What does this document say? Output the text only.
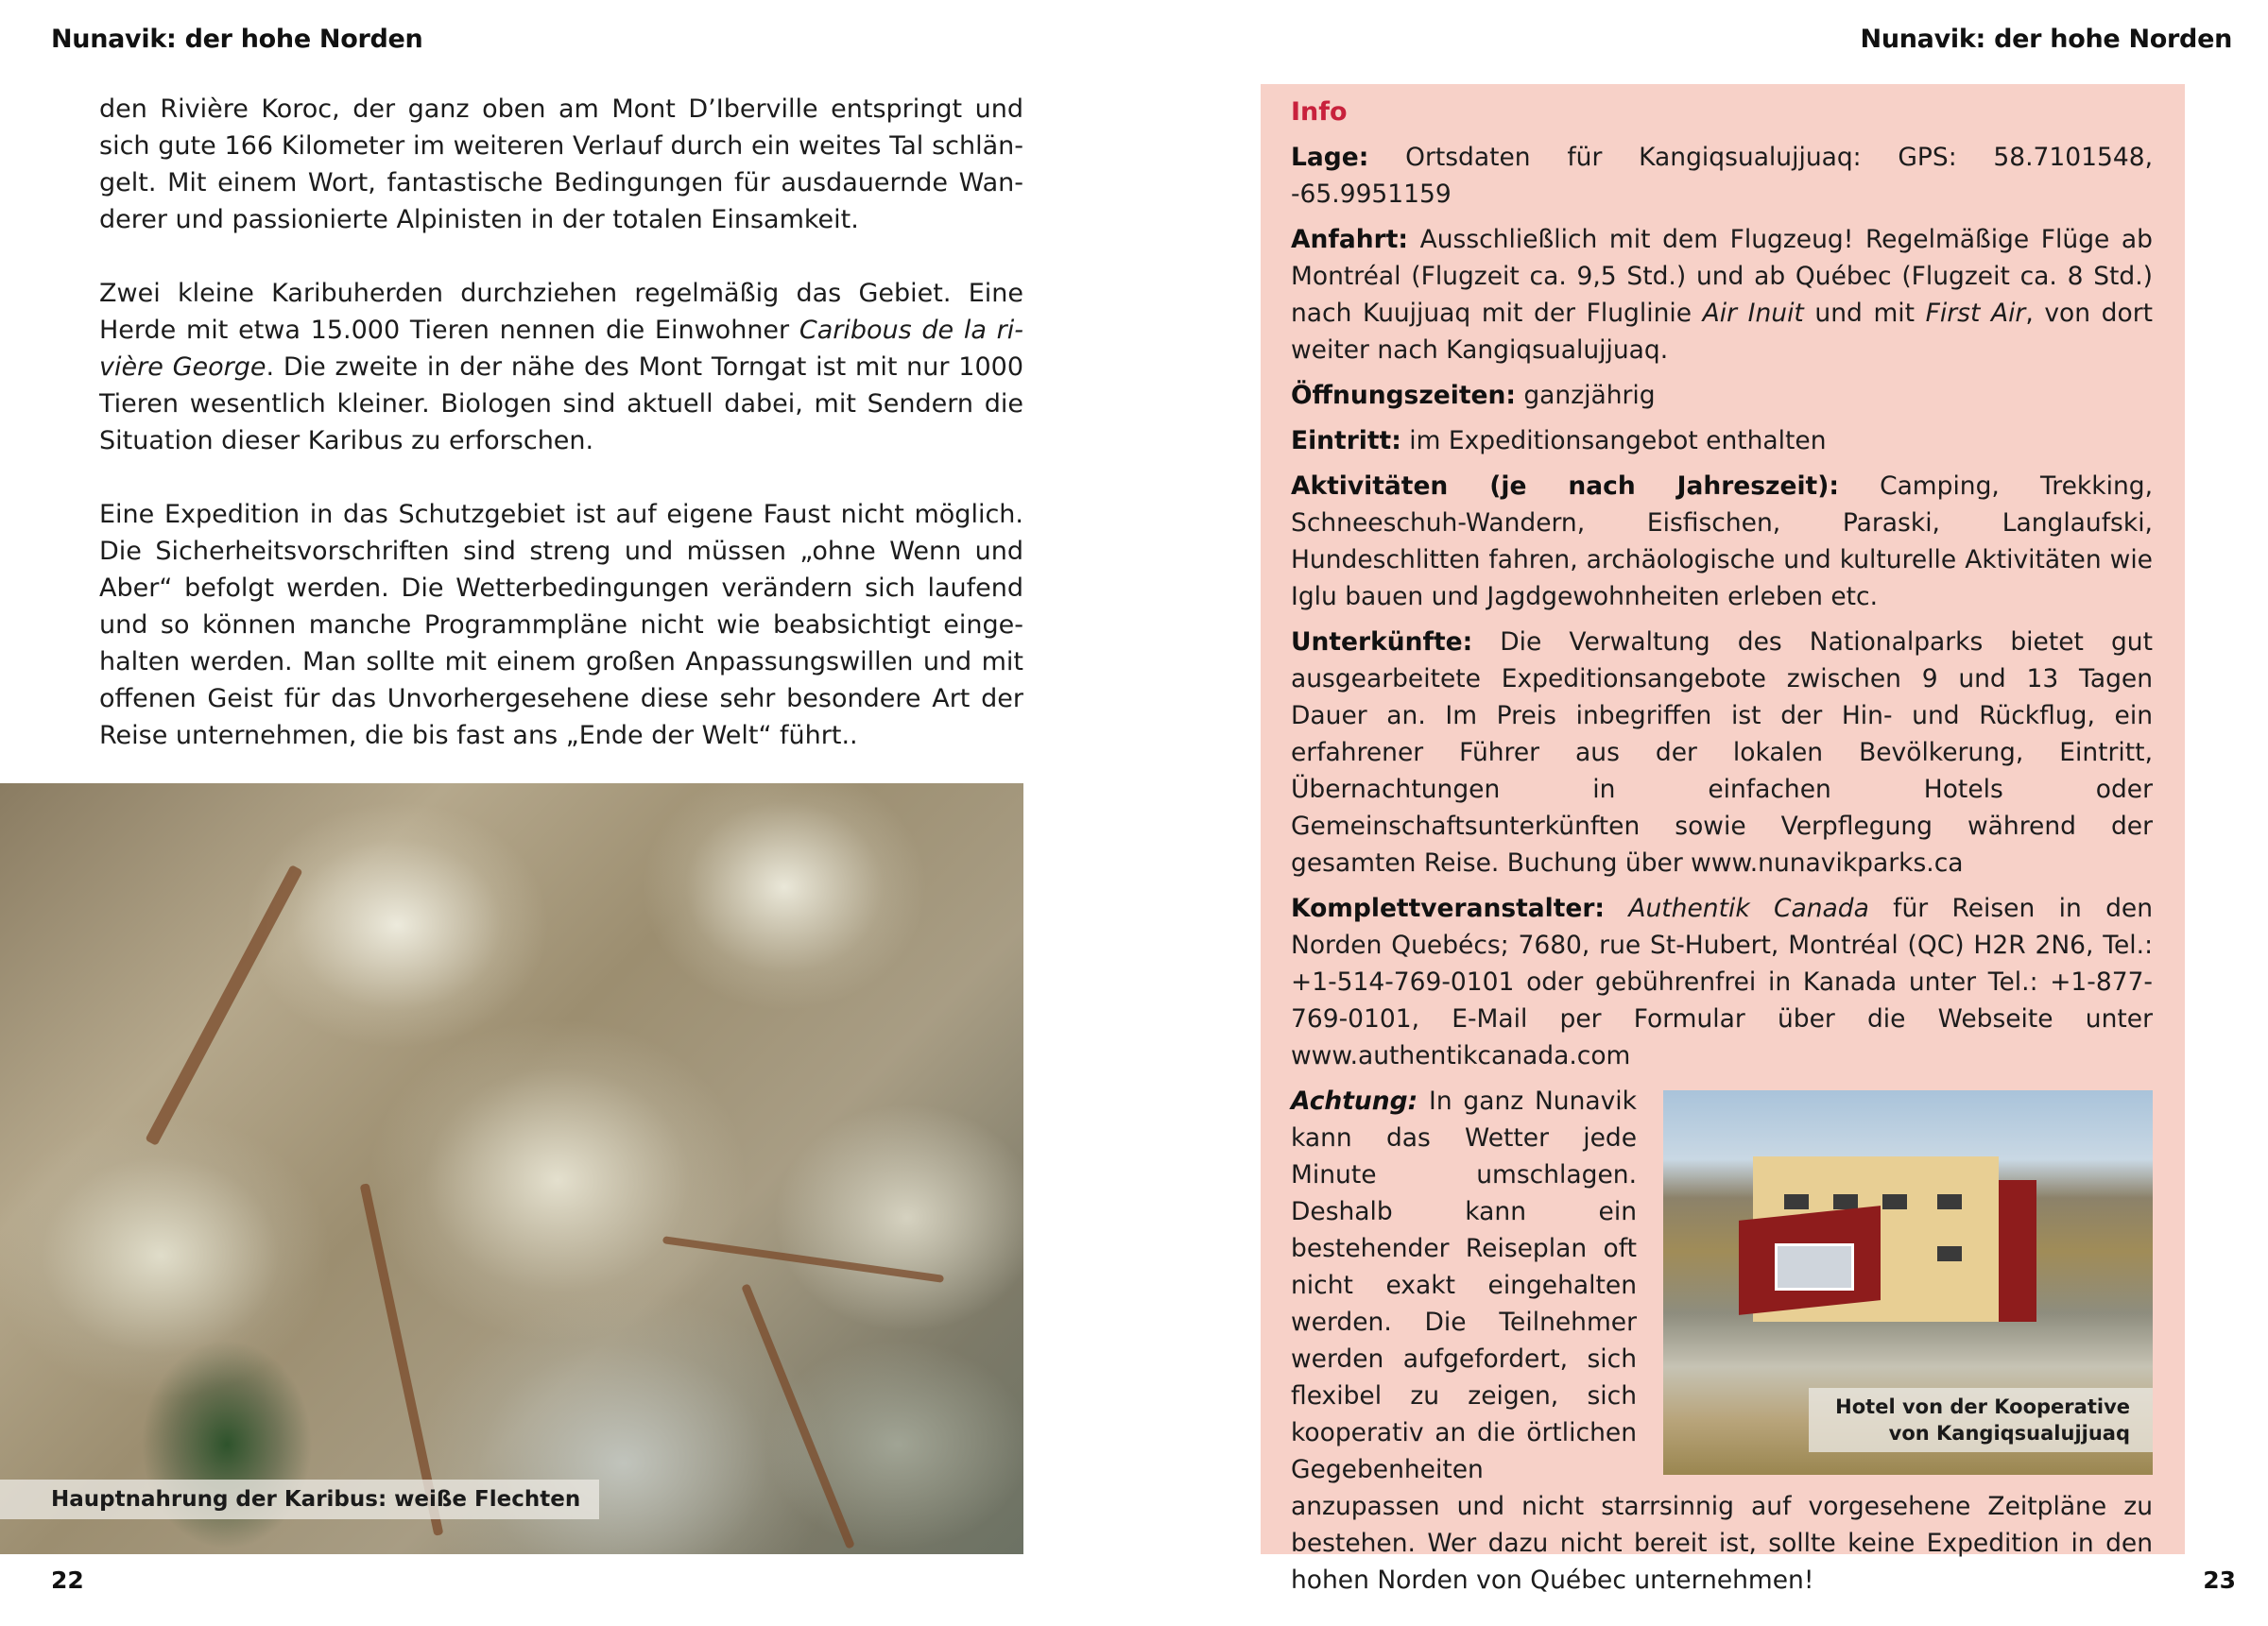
Nunavik: der hohe Norden	Nunavik: der hohe Norden

den Rivière Koroc, der ganz oben am Mont D’Iberville entspringt und sich gute 166 Kilometer im weiteren Verlauf durch ein weites Tal schlängelt. Mit einem Wort, fantastische Bedingungen für ausdauernde Wanderer und passionierte Alpinisten in der totalen Einsamkeit.

Zwei kleine Karibuherden durchziehen regelmäßig das Gebiet. Eine Herde mit etwa 15.000 Tieren nennen die Einwohner Caribous de la rivière George. Die zweite in der nähe des Mont Torngat ist mit nur 1000 Tieren wesentlich kleiner. Biologen sind aktuell dabei, mit Sendern die Situation dieser Karibus zu erforschen.

Eine Expedition in das Schutzgebiet ist auf eigene Faust nicht möglich. Die Sicherheitsvorschriften sind streng und müssen „ohne Wenn und Aber“ befolgt werden. Die Wetterbedingungen verändern sich laufend und so können manche Programmpläne nicht wie beabsichtigt eingehalten werden. Man sollte mit einem großen Anpassungswillen und mit offenen Geist für das Unvorhergesehene diese sehr besondere Art der Reise unternehmen, die bis fast ans „Ende der Welt“ führt..

Hauptnahrung der Karibus: weiße Flechten
22	23
Info
Lage: Ortsdaten für Kangiqsualujjuaq: GPS: 58.7101548, -65.9951159
Anfahrt: Ausschließlich mit dem Flugzeug! Regelmäßige Flüge ab Montréal (Flugzeit ca. 9,5 Std.) und ab Québec (Flugzeit ca. 8 Std.) nach Kuujjuaq mit der Fluglinie Air Inuit und mit First Air, von dort weiter nach Kangiqsualujjuaq.
Öffnungszeiten: ganzjährig
Eintritt: im Expeditionsangebot enthalten
Aktivitäten (je nach Jahreszeit): Camping, Trekking, Schneeschuh-Wandern, Eisfischen, Paraski, Langlaufski, Hundeschlitten fahren, archäologische und kulturelle Aktivitäten wie Iglu bauen und Jagdgewohnheiten erleben etc.
Unterkünfte: Die Verwaltung des Nationalparks bietet gut ausgearbeitete Expeditionsangebote zwischen 9 und 13 Tagen Dauer an. Im Preis inbegriffen ist der Hin- und Rückflug, ein erfahrener Führer aus der lokalen Bevölkerung, Eintritt, Übernachtungen in einfachen Hotels oder Gemeinschaftsunterkünften sowie Verpflegung während der gesamten Reise. Buchung über www.nunavikparks.ca
Komplettveranstalter: Authentik Canada für Reisen in den Norden Quebécs; 7680, rue St-Hubert, Montréal (QC) H2R 2N6, Tel.: +1-514-769-0101 oder gebührenfrei in Kanada unter Tel.: +1-877-769-0101, E-Mail per Formular über die Webseite unter www.authentikcanada.com
Hotel von der Kooperative
von Kangiqsualujjuaq
Achtung: In ganz Nunavik kann das Wetter jede Minute umschlagen. Deshalb kann ein bestehender Reiseplan oft nicht exakt eingehalten werden. Die Teilnehmer werden aufgefordert, sich flexibel zu zeigen, sich kooperativ an die örtlichen Gegebenheiten anzupassen und nicht starrsinnig auf vorgesehene Zeitpläne zu bestehen. Wer dazu nicht bereit ist, sollte keine Expedition in den hohen Norden von Québec unternehmen!
